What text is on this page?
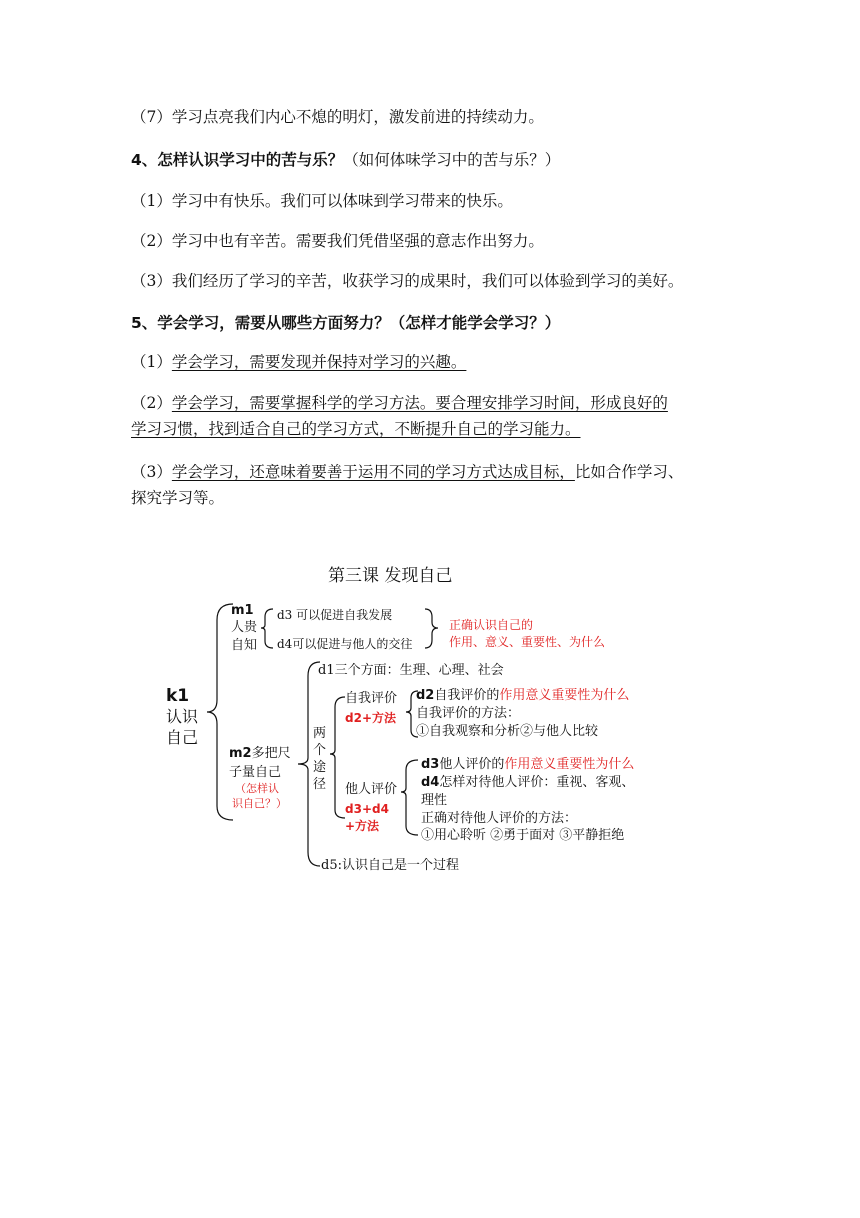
（7）学习点亮我们内心不熄的明灯，激发前进的持续动力。
4、怎样认识学习中的苦与乐？（如何体味学习中的苦与乐？）
（1）学习中有快乐。我们可以体味到学习带来的快乐。
（2）学习中也有辛苦。需要我们凭借坚强的意志作出努力。
（3）我们经历了学习的辛苦，收获学习的成果时，我们可以体验到学习的美好。
5、学会学习，需要从哪些方面努力？（怎样才能学会学习？）
（1）学会学习，需要发现并保持对学习的兴趣。
（2）学会学习，需要掌握科学的学习方法。要合理安排学习时间，形成良好的
学习习惯，找到适合自己的学习方式，不断提升自己的学习能力。
（3）学会学习，还意味着要善于运用不同的学习方式达成目标，比如合作学习、
探究学习等。
第三课 发现自己
k1
认识
自己
m1
人贵
自知
d3 可以促进自我发展
d4可以促进与他人的交往
正确认识自己的
作用、意义、重要性、为什么
m2多把尺
子量自己
（怎样认
识自己？）
d1三个方面：生理、心理、社会
两
个
途
径
自我评价
d2+方法
d2自我评价的作用意义重要性为什么
自我评价的方法：
①自我观察和分析②与他人比较
他人评价
d3+d4
+方法
d3他人评价的作用意义重要性为什么
d4怎样对待他人评价：重视、客观、
理性
正确对待他人评价的方法：
①用心聆听 ②勇于面对 ③平静拒绝
d5:认识自己是一个过程
